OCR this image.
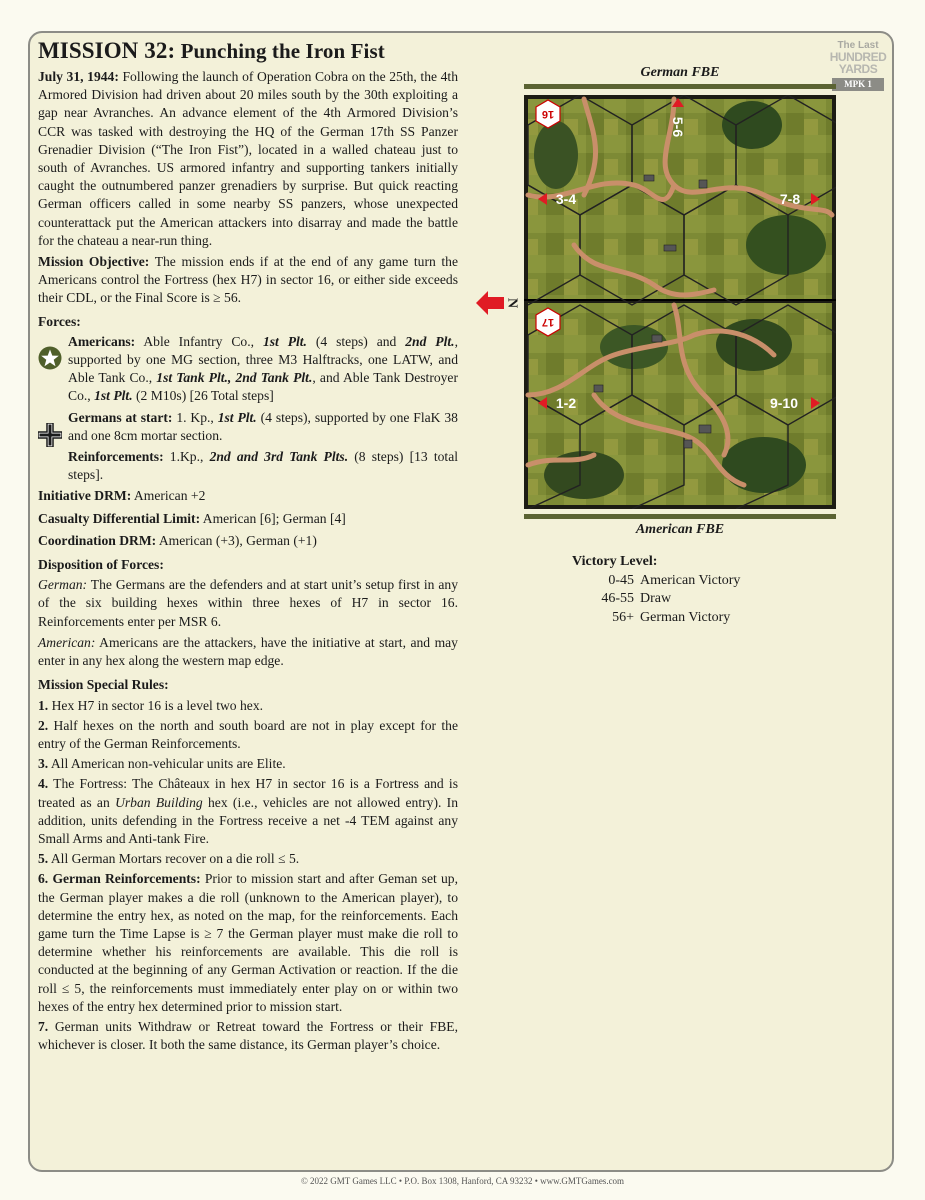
The Last
HUNDRED
YARDS
MPK 1
MISSION 32: Punching the Iron Fist

July 31, 1944: Following the launch of Operation Cobra on the 25th, the 4th Armored Division had driven about 20 miles south by the 30th exploiting a gap near Avranches. An advance element of the 4th Armored Division’s CCR was tasked with destroying the HQ of the German 17th SS Panzer Grenadier Division (“The Iron Fist”), located in a walled chateau just to south of Avranches. US armored infantry and supporting tankers initially caught the outnumbered panzer grenadiers by surprise. But quick reacting German officers called in some nearby SS panzers, whose unexpected counterattack put the American attackers into disarray and made the battle for the chateau a near-run thing.

Mission Objective: The mission ends if at the end of any game turn the Americans control the Fortress (hex H7) in sector 16, or either side exceeds their CDL, or the Final Score is ≥ 56.

Forces:

Americans: Able Infantry Co., 1st Plt. (4 steps) and 2nd Plt., supported by one MG section, three M3 Halftracks, one LATW, and Able Tank Co., 1st Tank Plt., 2nd Tank Plt., and Able Tank Destroyer Co., 1st Plt. (2 M10s) [26 Total steps]

Germans at start: 1. Kp., 1st Plt. (4 steps), supported by one FlaK 38 and one 8cm mortar section.

Reinforcements: 1.Kp., 2nd and 3rd Tank Plts. (8 steps) [13 total steps].

Initiative DRM: American +2

Casualty Differential Limit: American [6]; German [4]

Coordination DRM: American (+3), German (+1)

Disposition of Forces:

German: The Germans are the defenders and at start unit’s setup first in any of the six building hexes within three hexes of H7 in sector 16. Reinforcements enter per MSR 6.

American: Americans are the attackers, have the initiative at start, and may enter in any hex along the western map edge.

Mission Special Rules:

1. Hex H7 in sector 16 is a level two hex.

2. Half hexes on the north and south board are not in play except for the entry of the German Reinforcements.

3. All American non-vehicular units are Elite.

4. The Fortress: The Châteaux in hex H7 in sector 16 is a Fortress and is treated as an Urban Building hex (i.e., vehicles are not allowed entry). In addition, units defending in the Fortress receive a net -4 TEM against any Small Arms and Anti-tank Fire.

5. All German Mortars recover on a die roll ≤ 5.

6. German Reinforcements: Prior to mission start and after Geman set up, the German player makes a die roll (unknown to the American player), to determine the entry hex, as noted on the map, for the reinforcements. Each game turn the Time Lapse is ≥ 7 the German player must make die roll to determine whether his reinforcements are available. This die roll is conducted at the beginning of any German Activation or reaction. If the die roll ≤ 5, the reinforcements must immediately enter play on or within two hexes of the entry hex determined prior to mission start.

7. German units Withdraw or Retreat toward the Fortress or their FBE, whichever is closer. It both the same distance, its German player’s choice.

German FBE
N
16
17
5-6
3-4	7-8
1-2	9-10
American FBE
Victory Level:
0-45 American Victory
46-55 Draw
56+ German Victory
© 2022 GMT Games LLC • P.O. Box 1308, Hanford, CA 93232 • www.GMTGames.com
